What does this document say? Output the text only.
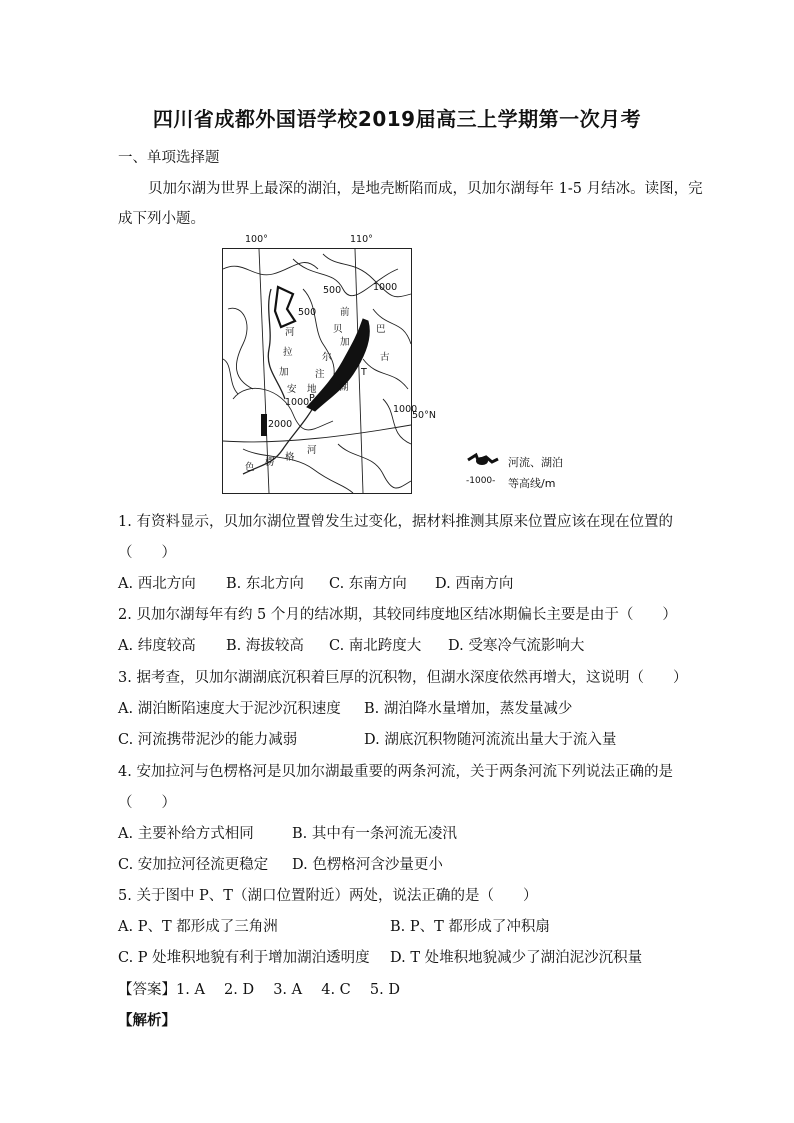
四川省成都外国语学校2019届高三上学期第一次月考
一、单项选择题
贝加尔湖为世界上最深的湖泊，是地壳断陷而成，贝加尔湖每年 1-5 月结冰。读图，完
成下列小题。
100°	110°
500
500	1000
1000
1000
2000
前
贝
加
尔
注
地
P
湖
河
拉
加
安
巴
古
T
色 楞 格
河
50°N
河流、湖泊
-1000- 等高线/m
1. 有资料显示，贝加尔湖位置曾发生过变化，据材料推测其原来位置应该在现在位置的
（　　）
A. 西北方向 B. 东北方向 C. 东南方向 D. 西南方向
2. 贝加尔湖每年有约 5 个月的结冰期，其较同纬度地区结冰期偏长主要是由于（　　）
A. 纬度较高 B. 海拔较高 C. 南北跨度大 D. 受寒冷气流影响大
3. 据考查，贝加尔湖湖底沉积着巨厚的沉积物，但湖水深度依然再增大，这说明（　　）
A. 湖泊断陷速度大于泥沙沉积速度 B. 湖泊降水量增加，蒸发量减少
C. 河流携带泥沙的能力减弱	D. 湖底沉积物随河流流出量大于流入量
4. 安加拉河与色楞格河是贝加尔湖最重要的两条河流，关于两条河流下列说法正确的是
（　　）
A. 主要补给方式相同	B. 其中有一条河流无凌汛
C. 安加拉河径流更稳定 D. 色楞格河含沙量更小
5. 关于图中 P、T（湖口位置附近）两处，说法正确的是（　　）
A. P、T 都形成了三角洲	B. P、T 都形成了冲积扇
C. P 处堆积地貌有利于增加湖泊透明度 D. T 处堆积地貌减少了湖泊泥沙沉积量
【答案】1. A　 2. D　 3. A　 4. C　 5. D
【解析】
